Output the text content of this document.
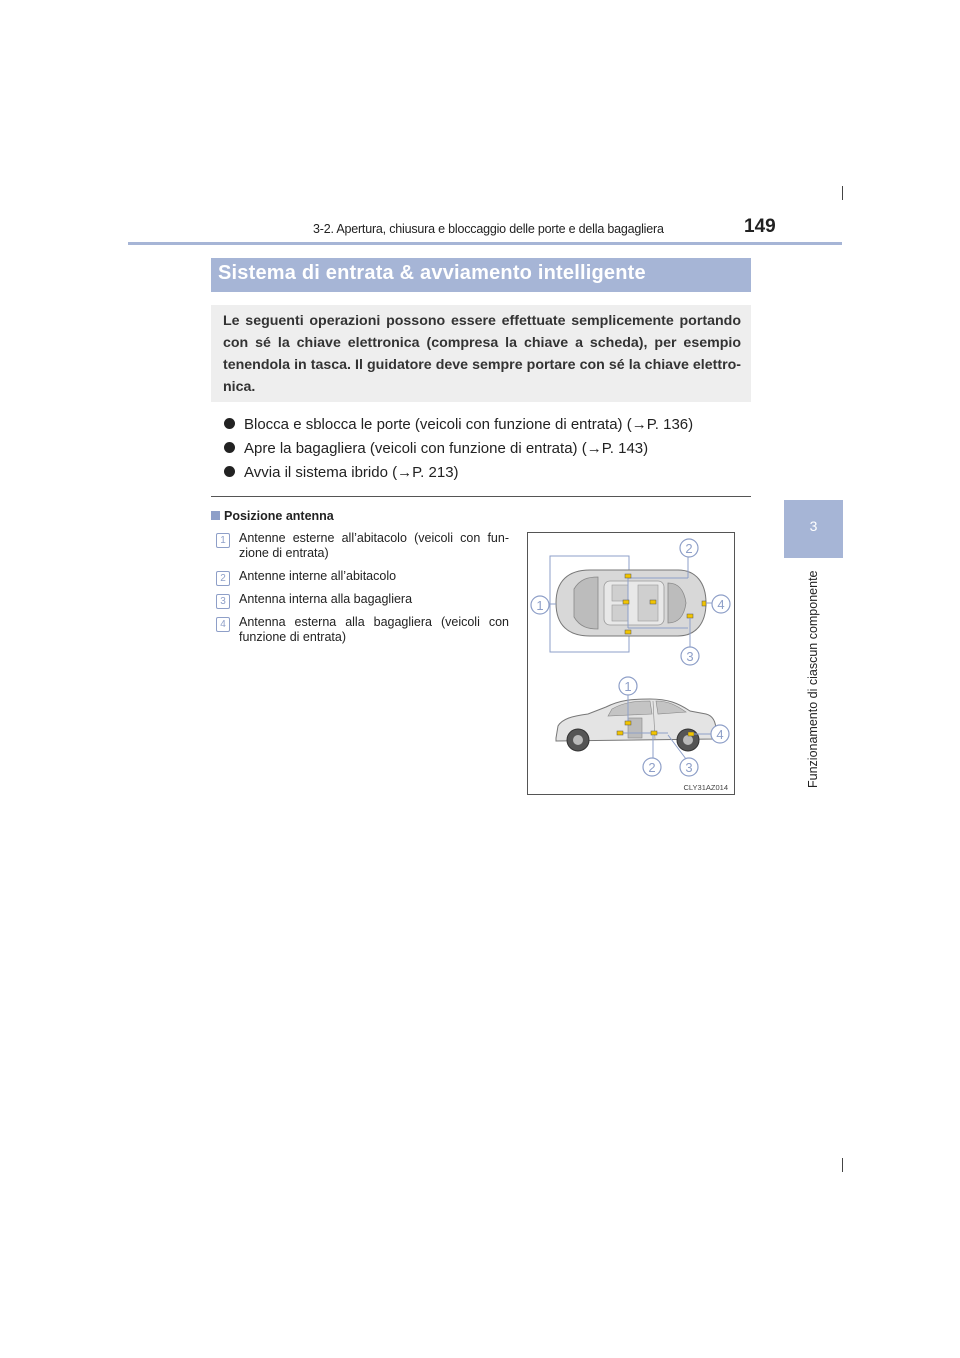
3-2. Apertura, chiusura e bloccaggio delle porte e della bagagliera	149
3
Funzionamento di ciascun componente
Sistema di entrata & avviamento intelligente
Le seguenti operazioni possono essere effettuate semplicemente portando con sé la chiave elettronica (compresa la chiave a scheda), per esempio tenendola in tasca. Il guidatore deve sempre portare con sé la chiave elettro-nica.
Blocca e sblocca le porte (veicoli con funzione di entrata) (→P. 136)
Apre la bagagliera (veicoli con funzione di entrata) (→P. 143)
Avvia il sistema ibrido (→P. 213)
Posizione antenna
1	Antenne esterne all’abitacolo (veicoli con fun-zione di entrata)
2	Antenne interne all’abitacolo
3	Antenna interna alla bagagliera
4	Antenna esterna alla bagagliera (veicoli con funzione di entrata)
2
1	4
3
1
4
2 3
CLY31AZ014
